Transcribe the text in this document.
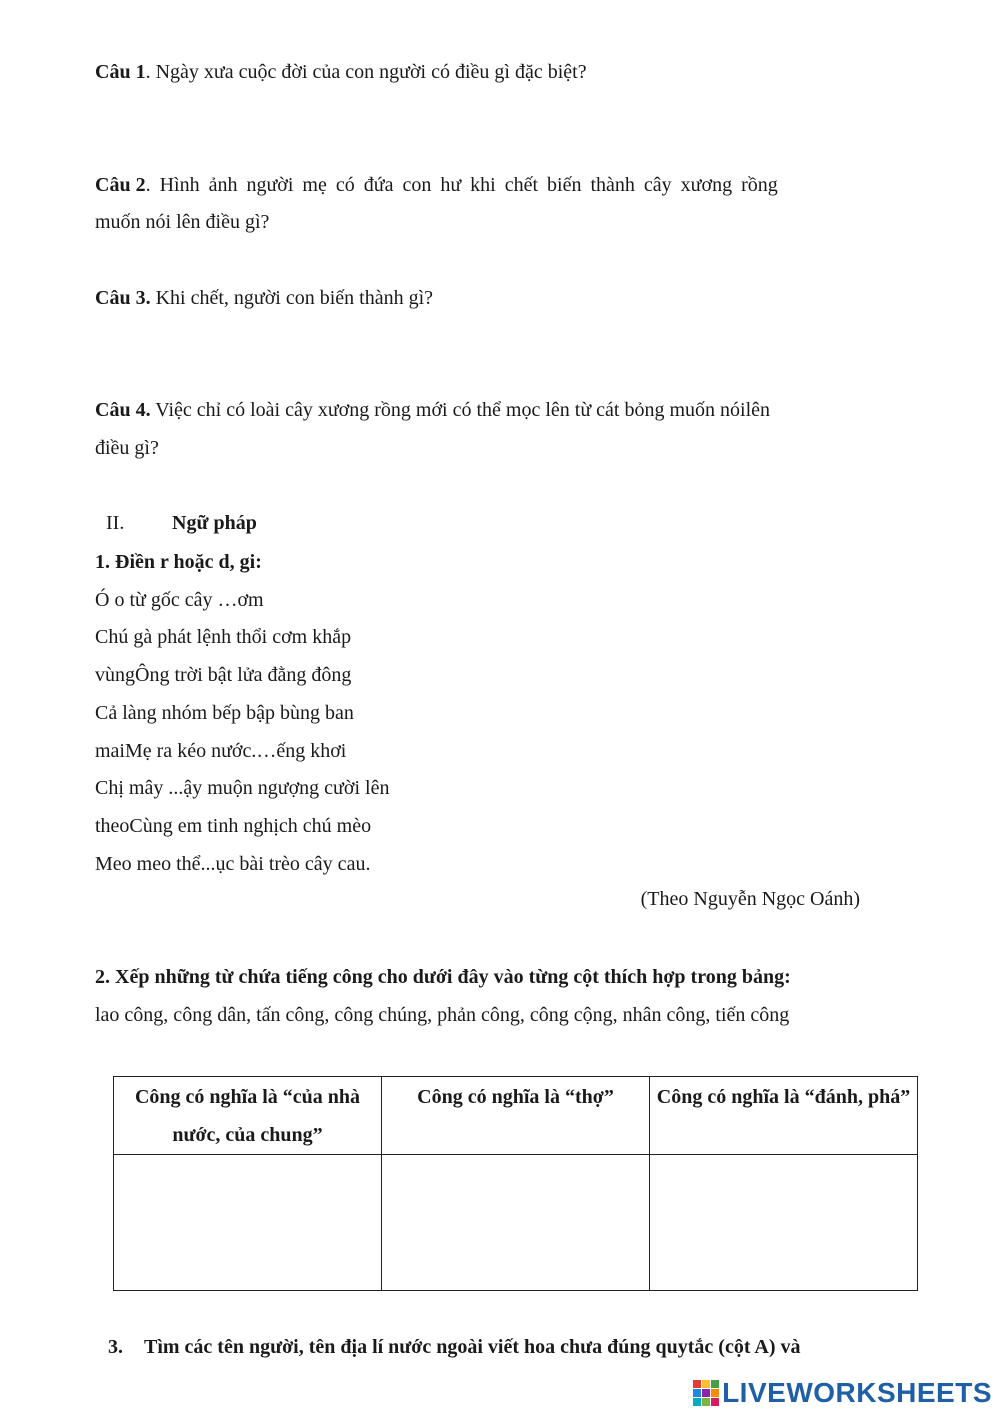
Câu 1. Ngày xưa cuộc đời của con người có điều gì đặc biệt?
Câu 2. Hình ảnh người mẹ có đứa con hư khi chết biến thành cây xương rồng
muốn nói lên điều gì?
Câu 3. Khi chết, người con biến thành gì?
Câu 4. Việc chỉ có loài cây xương rồng mới có thể mọc lên từ cát bỏng muốn nóilên
điều gì?
II. Ngữ pháp
1. Điền r hoặc d, gi:
Ó o từ gốc cây …ơm
Chú gà phát lệnh thổi cơm khắp
vùngÔng trời bật lửa đằng đông
Cả làng nhóm bếp bập bùng ban
maiMẹ ra kéo nước.…ếng khơi
Chị mây ...ậy muộn ngượng cười lên
theoCùng em tinh nghịch chú mèo
Meo meo thể...ục bài trèo cây cau.
(Theo Nguyễn Ngọc Oánh)
2. Xếp những từ chứa tiếng công cho dưới đây vào từng cột thích hợp trong bảng:
lao công, công dân, tấn công, công chúng, phản công, công cộng, nhân công, tiến công
Công có nghĩa là “của nhà nước, của chung”	Công có nghĩa là “thợ”	Công có nghĩa là “đánh, phá”

3. Tìm các tên người, tên địa lí nước ngoài viết hoa chưa đúng quytắc (cột A) và
LIVEWORKSHEETS
